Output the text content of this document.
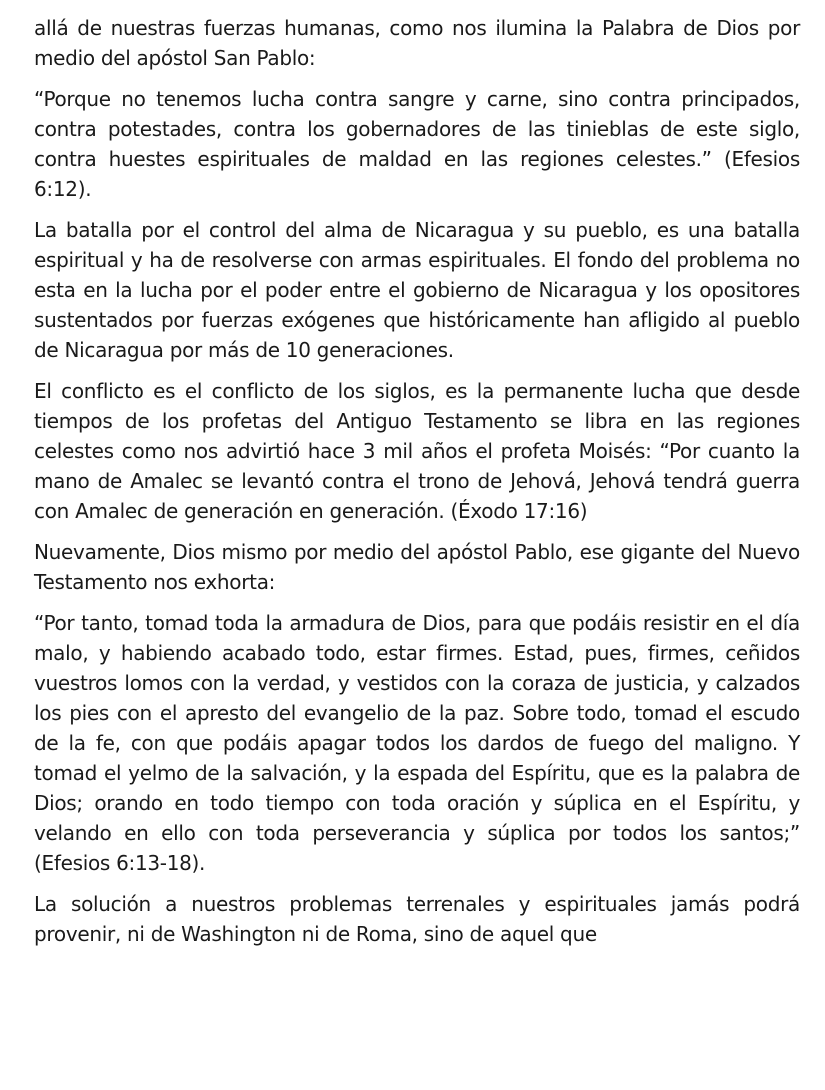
allá de nuestras fuerzas humanas, como nos ilumina la Palabra de Dios por medio del apóstol San Pablo:

“Porque no tenemos lucha contra sangre y carne, sino contra principados, contra potestades, contra los gobernadores de las tinieblas de este siglo, contra huestes espirituales de maldad en las regiones celestes.” (Efesios 6:12).

La batalla por el control del alma de Nicaragua y su pueblo, es una batalla espiritual y ha de resolverse con armas espirituales. El fondo del problema no esta en la lucha por el poder entre el gobierno de Nicaragua y los opositores sustentados por fuerzas exógenes que históricamente han afligido al pueblo de Nicaragua por más de 10 generaciones.

El conflicto es el conflicto de los siglos, es la permanente lucha que desde tiempos de los profetas del Antiguo Testamento se libra en las regiones celestes como nos advirtió hace 3 mil años el profeta Moisés: “Por cuanto la mano de Amalec se levantó contra el trono de Jehová, Jehová tendrá guerra con Amalec de generación en generación. (Éxodo 17:16)

Nuevamente, Dios mismo por medio del apóstol Pablo, ese gigante del Nuevo Testamento nos exhorta:

“Por tanto, tomad toda la armadura de Dios, para que podáis resistir en el día malo, y habiendo acabado todo, estar firmes. Estad, pues, firmes, ceñidos vuestros lomos con la verdad, y vestidos con la coraza de justicia, y calzados los pies con el apresto del evangelio de la paz. Sobre todo, tomad el escudo de la fe, con que podáis apagar todos los dardos de fuego del maligno. Y tomad el yelmo de la salvación, y la espada del Espíritu, que es la palabra de Dios; orando en todo tiempo con toda oración y súplica en el Espíritu, y velando en ello con toda perseverancia y súplica por todos los santos;” (Efesios 6:13-18).

La solución a nuestros problemas terrenales y espirituales jamás podrá provenir, ni de Washington ni de Roma, sino de aquel que
